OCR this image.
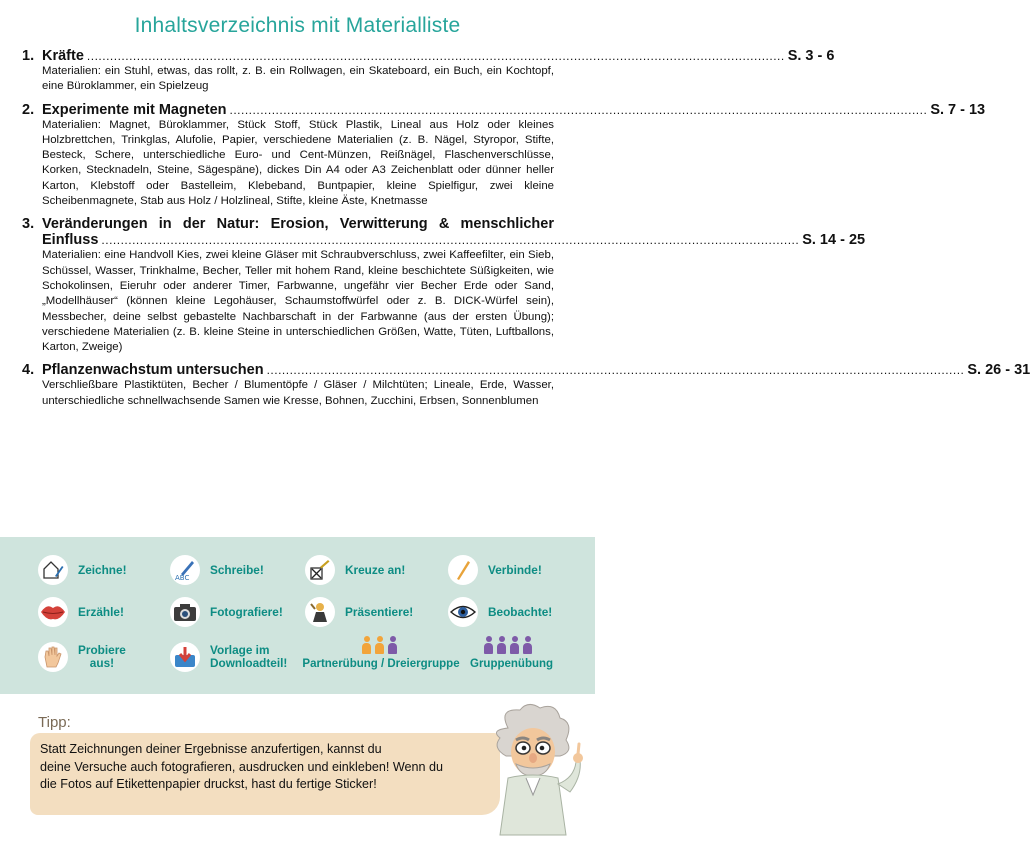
Inhaltsverzeichnis mit Materialliste
1. Kräfte ...................................................................................................................................................................................... S. 3 - 6
Materialien: ein Stuhl, etwas, das rollt, z. B. ein Rollwagen, ein Skateboard, ein Buch, ein Kochtopf, eine Büroklammer, ein Spielzeug
2. Experimente mit Magneten ...................................................................................................................................................................................... S. 7 - 13
Materialien: Magnet, Büroklammer, Stück Stoff, Stück Plastik, Lineal aus Holz oder kleines Holzbrettchen, Trinkglas, Alufolie, Papier, verschiedene Materialien (z. B. Nägel, Styropor, Stifte, Besteck, Schere, unterschiedliche Euro- und Cent-Münzen, Reißnägel, Flaschenverschlüsse, Korken, Stecknadeln, Steine, Sägespäne), dickes Din A4 oder A3 Zeichenblatt oder dünner heller Karton, Klebstoff oder Bastelleim, Klebeband, Buntpapier, kleine Spielfigur, zwei kleine Scheibenmagnete, Stab aus Holz / Holzlineal, Stifte, kleine Äste, Knetmasse
3. Veränderungen in der Natur: Erosion, Verwitterung & menschlicher
Einfluss ...................................................................................................................................................................................... S. 14 - 25
Materialien: eine Handvoll Kies, zwei kleine Gläser mit Schraubverschluss, zwei Kaffeefilter, ein Sieb, Schüssel, Wasser, Trinkhalme, Becher, Teller mit hohem Rand, kleine beschichtete Süßigkeiten, wie Schokolinsen, Eieruhr oder anderer Timer, Farbwanne, ungefähr vier Becher Erde oder Sand, „Modellhäuser“ (können kleine Legohäuser, Schaumstoffwürfel oder z. B. DICK-Würfel sein), Messbecher, deine selbst gebastelte Nachbarschaft in der Farbwanne (aus der ersten Übung); verschiedene Materialien (z. B. kleine Steine in unterschiedlichen Größen, Watte, Tüten, Luftballons, Karton, Zweige)
4. Pflanzenwachstum untersuchen ...................................................................................................................................................................................... S. 26 - 31
Verschließbare Plastiktüten, Becher / Blumentöpfe / Gläser / Milchtüten; Lineale, Erde, Wasser, unterschiedliche schnellwachsende Samen wie Kresse, Bohnen, Zucchini, Erbsen, Sonnenblumen
Zeichne!
ABC
Schreibe!	Kreuze an!	Verbinde!
Erzähle!	Fotografiere!	Präsentiere!	Beobachte!
Probiere
aus!
Vorlage im
Downloadteil! Partnerübung / Dreiergruppe Gruppenübung
Tipp:
Statt Zeichnungen deiner Ergebnisse anzufertigen, kannst du
deine Versuche auch fotografieren, ausdrucken und einkleben! Wenn du
die Fotos auf Etikettenpapier druckst, hast du fertige Sticker!
